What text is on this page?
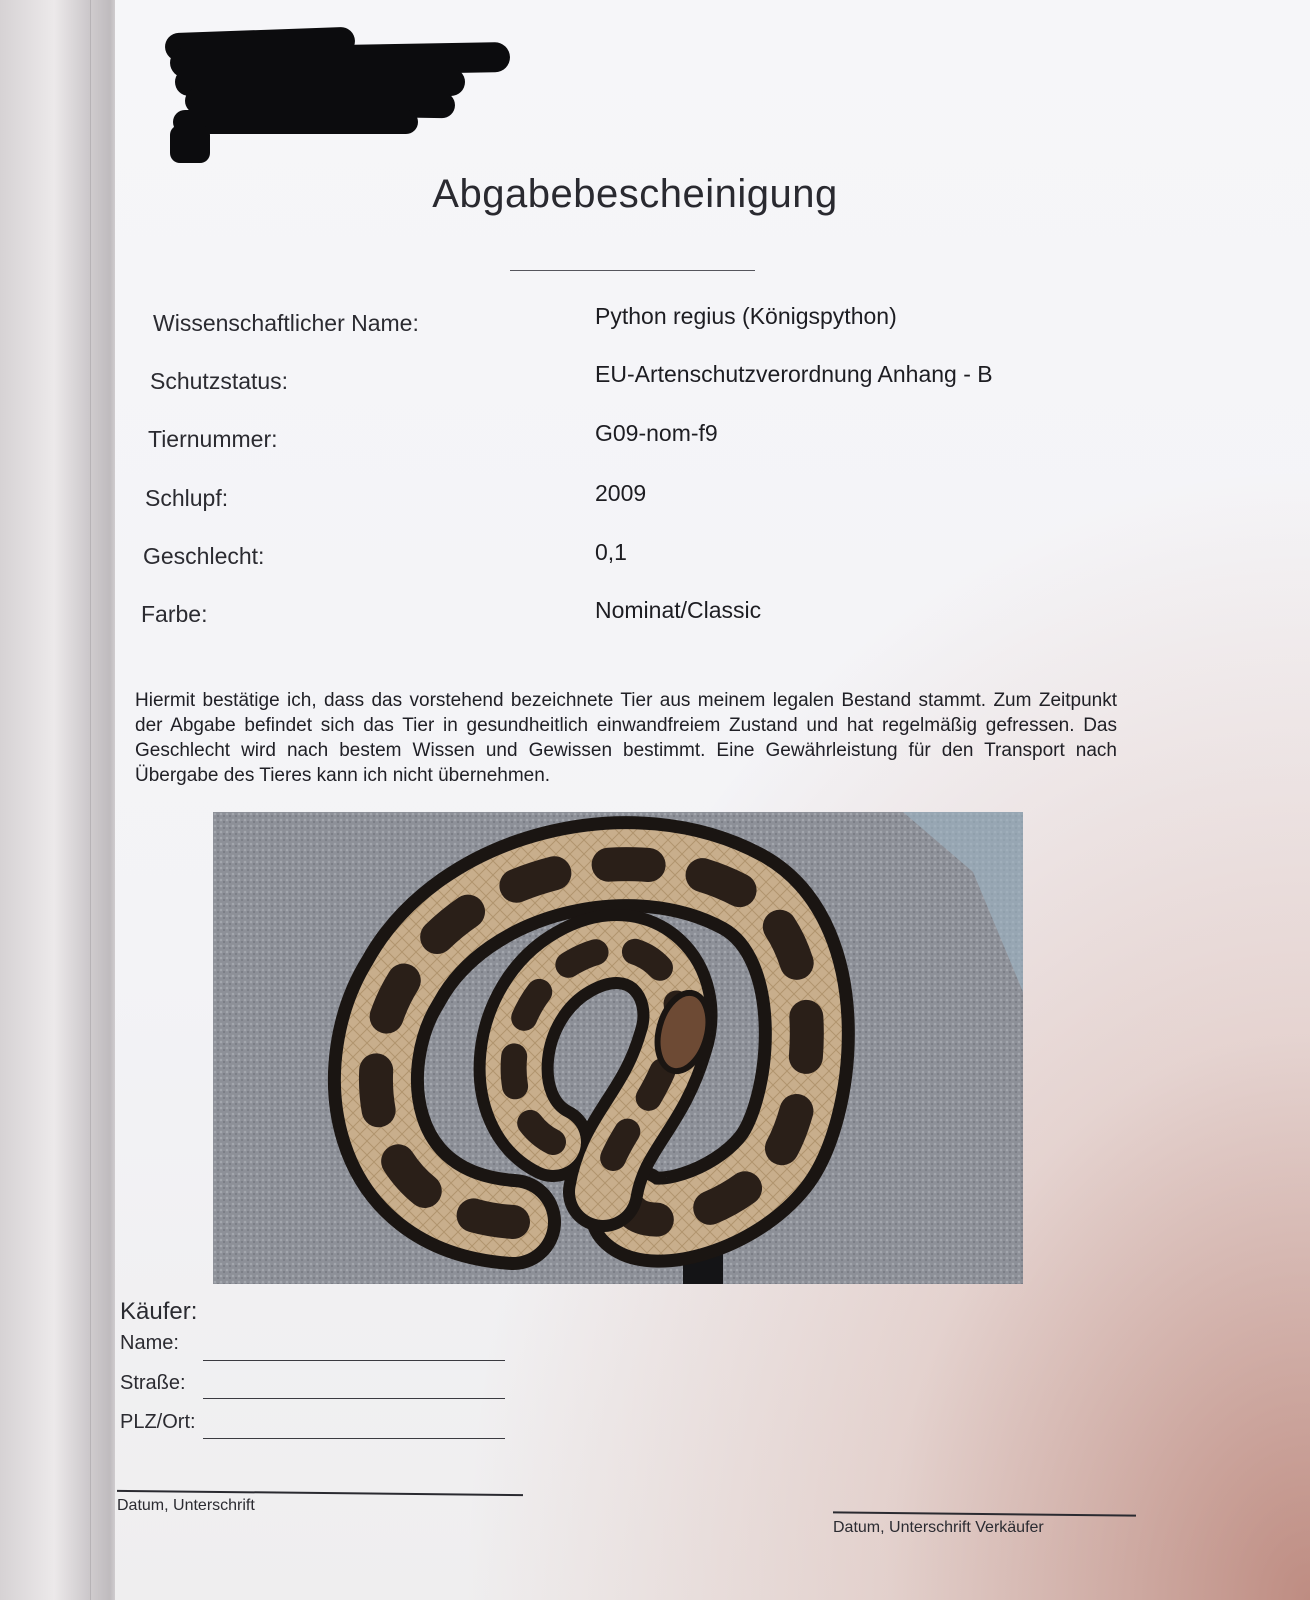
Abgabebescheinigung
Wissenschaftlicher Name:	Python regius (Königspython)
Schutzstatus:	EU-Artenschutzverordnung Anhang - B
Tiernummer:	G09-nom-f9
Schlupf:	2009
Geschlecht:	0,1
Farbe:	Nominat/Classic
Hiermit bestätige ich, dass das vorstehend bezeichnete Tier aus meinem legalen Bestand stammt. Zum Zeitpunkt der Abgabe befindet sich das Tier in gesundheitlich einwandfreiem Zustand und hat regelmäßig gefressen. Das Geschlecht wird nach bestem Wissen und Gewissen bestimmt. Eine Gewährleistung für den Transport nach Übergabe des Tieres kann ich nicht übernehmen.
Käufer:
Name:
Straße:
PLZ/Ort:
Datum, Unterschrift
Datum, Unterschrift Verkäufer
